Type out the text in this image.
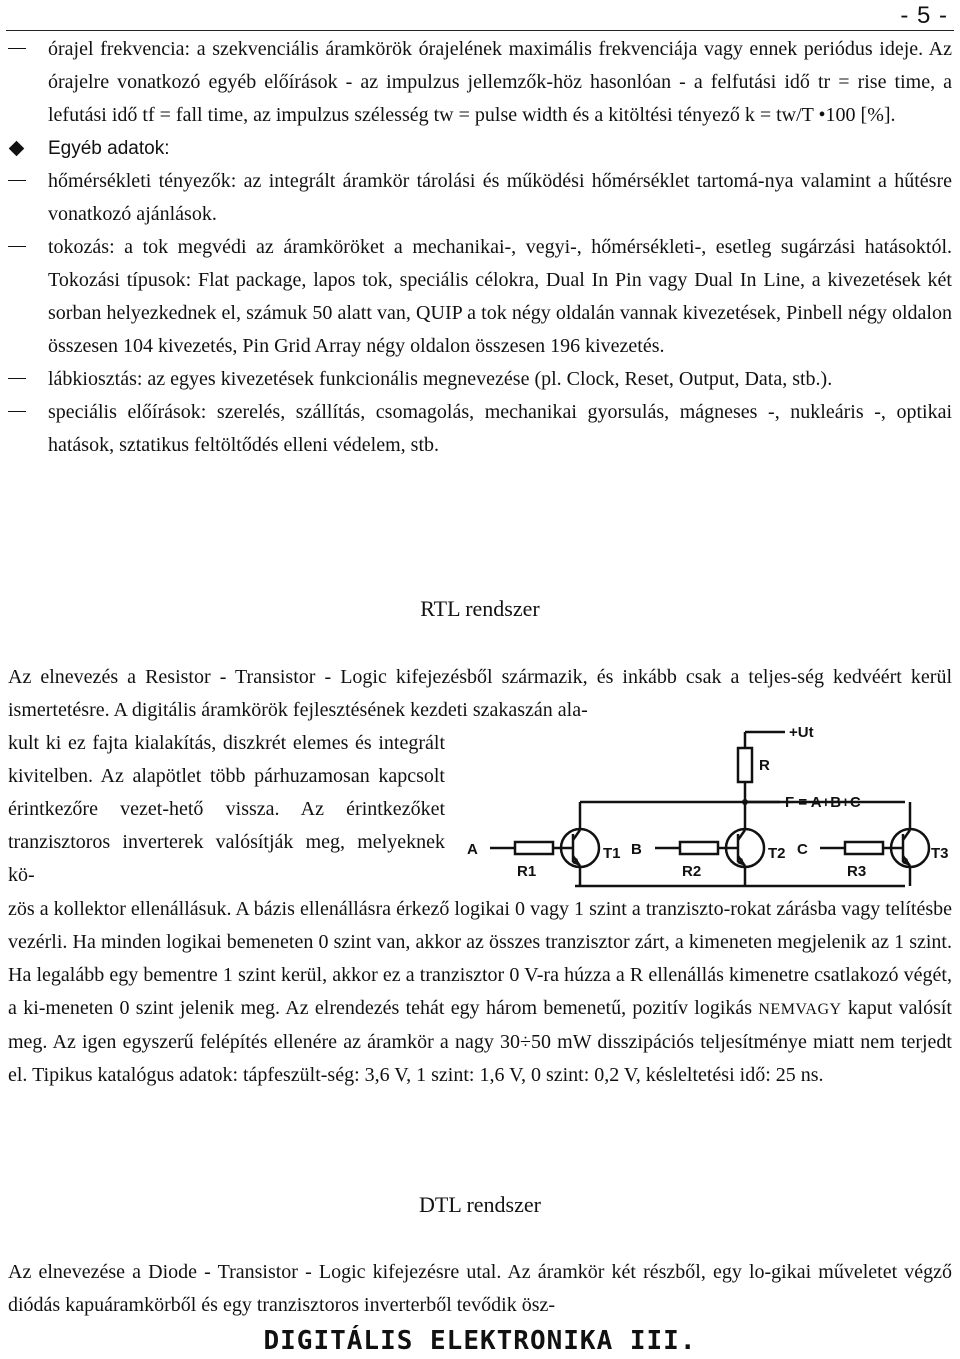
- 5 -
órajel frekvencia: a szekvenciális áramkörök órajelének maximális frekvenciája vagy ennek periódus ideje. Az órajelre vonatkozó egyéb előírások - az impulzus jellemzők-höz hasonlóan - a felfutási idő tr = rise time, a lefutási idő tf = fall time, az impulzus szélesség tw = pulse width és a kitöltési tényező k = tw/T •100 [%].
Egyéb adatok:
hőmérsékleti tényezők: az integrált áramkör tárolási és működési hőmérséklet tartomá-nya valamint a hűtésre vonatkozó ajánlások.
tokozás: a tok megvédi az áramköröket a mechanikai-, vegyi-, hőmérsékleti-, esetleg sugárzási hatásoktól. Tokozási típusok: Flat package, lapos tok, speciális célokra, Dual In Pin vagy Dual In Line, a kivezetések két sorban helyezkednek el, számuk 50 alatt van, QUIP a tok négy oldalán vannak kivezetések, Pinbell négy oldalon összesen 104 kivezetés, Pin Grid Array négy oldalon összesen 196 kivezetés.
lábkiosztás: az egyes kivezetések funkcionális megnevezése (pl. Clock, Reset, Output, Data, stb.).
speciális előírások: szerelés, szállítás, csomagolás, mechanikai gyorsulás, mágneses -, nukleáris -, optikai hatások, sztatikus feltöltődés elleni védelem, stb.
RTL rendszer
Az elnevezés a Resistor - Transistor - Logic kifejezésből származik, és inkább csak a teljes-ség kedvéért kerül ismertetésre. A digitális áramkörök fejlesztésének kezdeti szakaszán ala-
kult ki ez fajta kialakítás, diszkrét elemes és integrált kivitelben. Az alapötlet több párhuzamosan kapcsolt érintkezőre vezet-hető vissza. Az érintkezőket tranzisztoros inverterek valósítják meg, melyeknek kö-
+Ut
R
F = A+B+C
A	B	C
R1	R2	R3
T1	T2	T3
zös a kollektor ellenállásuk. A bázis ellenállásra érkező logikai 0 vagy 1 szint a tranziszto-rokat zárásba vagy telítésbe vezérli. Ha minden logikai bemeneten 0 szint van, akkor az összes tranzisztor zárt, a kimeneten megjelenik az 1 szint. Ha legalább egy bementre 1 szint kerül, akkor ez a tranzisztor 0 V-ra húzza a R ellenállás kimenetre csatlakozó végét, a ki-meneten 0 szint jelenik meg. Az elrendezés tehát egy három bemenetű, pozitív logikás NEMVAGY kaput valósít meg. Az igen egyszerű felépítés ellenére az áramkör a nagy 30÷50 mW disszipációs teljesítménye miatt nem terjedt el. Tipikus katalógus adatok: tápfeszült-ség: 3,6 V, 1 szint: 1,6 V, 0 szint: 0,2 V, késleltetési idő: 25 ns.
DTL rendszer
Az elnevezése a Diode - Transistor - Logic kifejezésre utal. Az áramkör két részből, egy lo-gikai műveletet végző diódás kapuáramkörből és egy tranzisztoros inverterből tevődik ösz-
DIGITÁLIS ELEKTRONIKA III.
